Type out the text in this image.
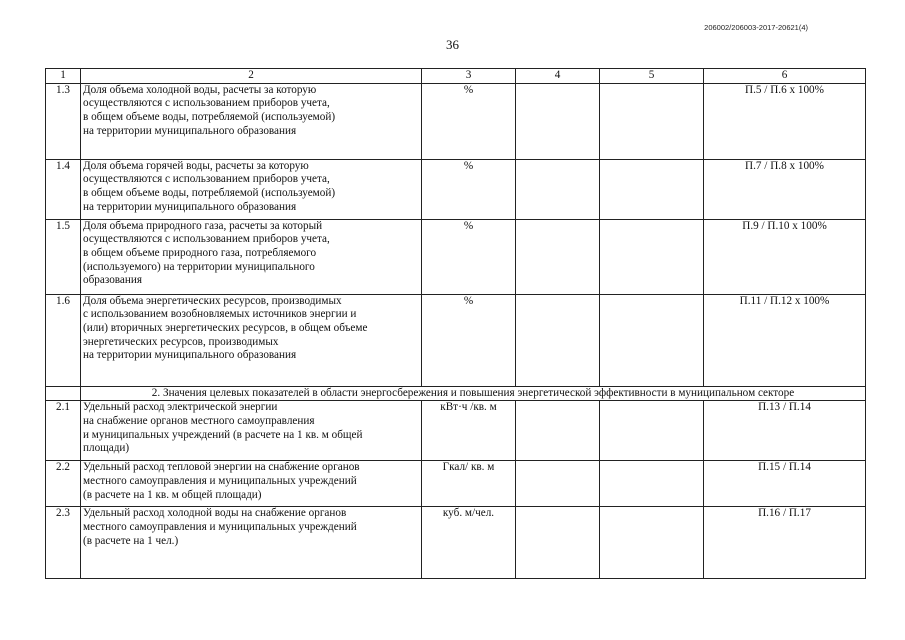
206002/206003-2017-20621(4)
36
1	2	3	4	5	6
1.3	Доля объема холодной воды, расчеты за которую
осуществляются с использованием приборов учета,
в общем объеме воды, потребляемой (используемой)
на территории муниципального образования	%			П.5 / П.6 х 100%
1.4	Доля объема горячей воды, расчеты за которую
осуществляются с использованием приборов учета,
в общем объеме воды, потребляемой (используемой)
на территории муниципального образования	%			П.7 / П.8 х 100%
1.5	Доля объема природного газа, расчеты за который
осуществляются с использованием приборов учета,
в общем объеме природного газа, потребляемого
(используемого) на территории муниципального
образования	%			П.9 / П.10 х 100%
1.6	Доля объема энергетических ресурсов, производимых
с использованием возобновляемых источников энергии и
(или) вторичных энергетических ресурсов, в общем объеме
энергетических ресурсов, производимых
на территории муниципального образования	%			П.11 / П.12 х 100%
	2. Значения целевых показателей в области энергосбережения и повышения энергетической эффективности в муниципальном секторе				
2.1	Удельный расход электрической энергии
на снабжение органов местного самоуправления
и муниципальных учреждений (в расчете на 1 кв. м общей
площади)	кВт·ч /кв. м			П.13 / П.14
2.2	Удельный расход тепловой энергии на снабжение органов
местного самоуправления и муниципальных учреждений
(в расчете на 1 кв. м общей площади)	Гкал/ кв. м			П.15 / П.14
2.3	Удельный расход холодной воды на снабжение органов
местного самоуправления и муниципальных учреждений
(в расчете на 1 чел.)	куб. м/чел.			П.16 / П.17
